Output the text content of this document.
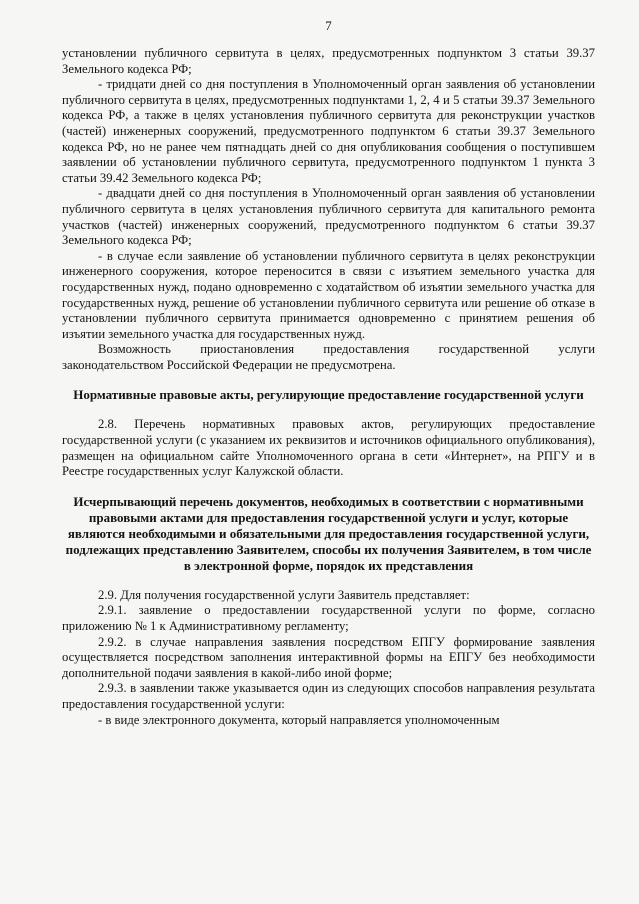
7

установлении публичного сервитута в целях, предусмотренных подпунктом 3 статьи 39.37 Земельного кодекса РФ;

- тридцати дней со дня поступления в Уполномоченный орган заявления об установлении публичного сервитута в целях, предусмотренных подпунктами 1, 2, 4 и 5 статьи 39.37 Земельного кодекса РФ, а также в целях установления публичного сервитута для реконструкции участков (частей) инженерных сооружений, предусмотренного подпунктом 6 статьи 39.37 Земельного кодекса РФ, но не ранее чем пятнадцать дней со дня опубликования сообщения о поступившем заявлении об установлении публичного сервитута, предусмотренного подпунктом 1 пункта 3 статьи 39.42 Земельного кодекса РФ;

- двадцати дней со дня поступления в Уполномоченный орган заявления об установлении публичного сервитута в целях установления публичного сервитута для капитального ремонта участков (частей) инженерных сооружений, предусмотренного подпунктом 6 статьи 39.37 Земельного кодекса РФ;

- в случае если заявление об установлении публичного сервитута в целях реконструкции инженерного сооружения, которое переносится в связи с изъятием земельного участка для государственных нужд, подано одновременно с ходатайством об изъятии земельного участка для государственных нужд, решение об установлении публичного сервитута или решение об отказе в установлении публичного сервитута принимается одновременно с принятием решения об изъятии земельного участка для государственных нужд.

Возможность приостановления предоставления государственной услуги законодательством Российской Федерации не предусмотрена.

Нормативные правовые акты, регулирующие предоставление государственной услуги

2.8. Перечень нормативных правовых актов, регулирующих предоставление государственной услуги (с указанием их реквизитов и источников официального опубликования), размещен на официальном сайте Уполномоченного органа в сети «Интернет», на РПГУ и в Реестре государственных услуг Калужской области.

Исчерпывающий перечень документов, необходимых в соответствии с нормативными правовыми актами для предоставления государственной услуги и услуг, которые являются необходимыми и обязательными для предоставления государственной услуги, подлежащих представлению Заявителем, способы их получения Заявителем, в том числе в электронной форме, порядок их представления

2.9. Для получения государственной услуги Заявитель представляет:

2.9.1. заявление о предоставлении государственной услуги по форме, согласно приложению № 1 к Административному регламенту;

2.9.2. в случае направления заявления посредством ЕПГУ формирование заявления осуществляется посредством заполнения интерактивной формы на ЕПГУ без необходимости дополнительной подачи заявления в какой-либо иной форме;

2.9.3. в заявлении также указывается один из следующих способов направления результата предоставления государственной услуги:

- в виде электронного документа, который направляется уполномоченным
